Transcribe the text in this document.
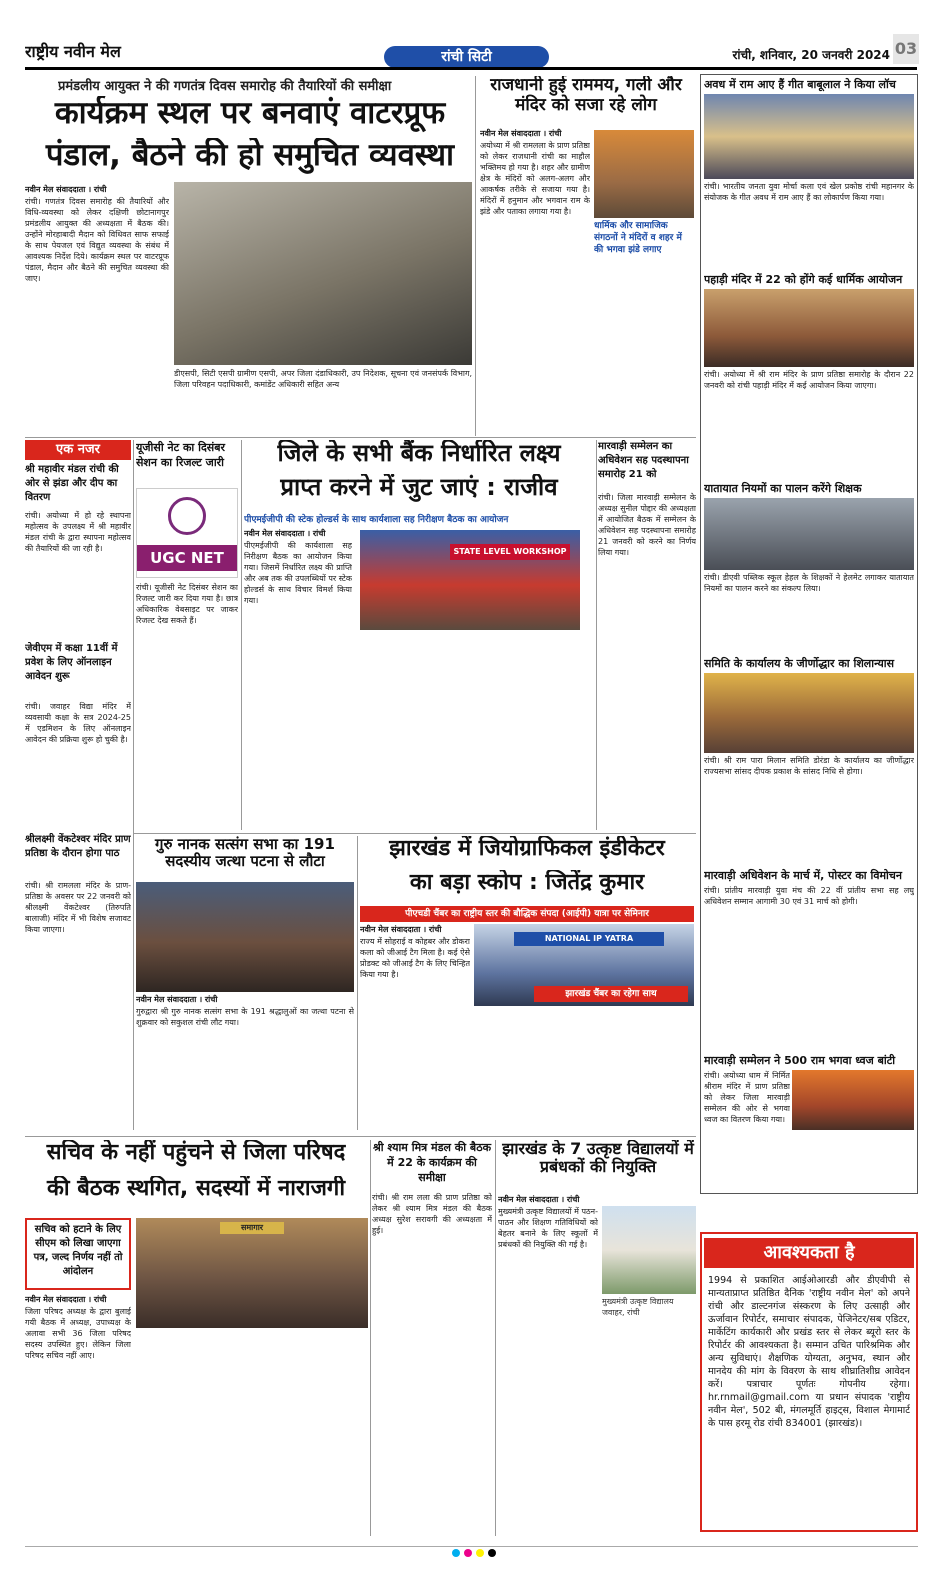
राष्ट्रीय नवीन मेल	रांची सिटी	रांची, शनिवार, 20 जनवरी 2024 03
प्रमंडलीय आयुक्त ने की गणतंत्र दिवस समारोह की तैयारियों की समीक्षा
कार्यक्रम स्थल पर बनवाएं वाटरप्रूफ
पंडाल, बैठने की हो समुचित व्यवस्था
नवीन मेल संवाददाता । रांची
रांची। गणतंत्र दिवस समारोह की तैयारियों और विधि-व्यवस्था को लेकर दक्षिणी छोटानागपुर प्रमंडलीय आयुक्त की अध्यक्षता में बैठक की। उन्होंने मोरहाबादी मैदान को विधिवत साफ सफाई के साथ पेयजल एवं विद्युत व्यवस्था के संबंध में आवश्यक निर्देश दिये। कार्यक्रम स्थल पर वाटरप्रूफ पंडाल, मैदान और बैठने की समुचित व्यवस्था की जाए।
डीएसपी, सिटी एसपी ग्रामीण एसपी, अपर जिला दंडाधिकारी, उप निदेशक, सूचना एवं जनसंपर्क विभाग, जिला परिवहन पदाधिकारी, कमांडेंट अधिकारी सहित अन्य
राजधानी हुई राममय, गली और मंदिर को सजा रहे लोग
नवीन मेल संवाददाता । रांची
अयोध्या में श्री रामलला के प्राण प्रतिष्ठा को लेकर राजधानी रांची का माहौल भक्तिमय हो गया है। शहर और ग्रामीण क्षेत्र के मंदिरों को अलग-अलग और आकर्षक तरीके से सजाया गया है। मंदिरों में हनुमान और भगवान राम के झंडे और पताका लगाया गया है।
धार्मिक और सामाजिक संगठनों ने मंदिरों व शहर में की भगवा झंडे लगाए
अवध में राम आए हैं गीत बाबूलाल ने किया लॉच
रांची। भारतीय जनता युवा मोर्चा कला एवं खेल प्रकोष्ठ रांची महानगर के संयोजक के गीत अवध में राम आए हैं का लोकार्पण किया गया।
पहाड़ी मंदिर में 22 को होंगे कई धार्मिक आयोजन
रांची। अयोध्या में श्री राम मंदिर के प्राण प्रतिष्ठा समारोह के दौरान 22 जनवरी को रांची पहाड़ी मंदिर में कई आयोजन किया जाएगा।
यातायात नियमों का पालन करेंगे शिक्षक
रांची। डीएवी पब्लिक स्कूल हेहल के शिक्षकों ने हेलमेट लगाकर यातायात नियमों का पालन करने का संकल्प लिया।
समिति के कार्यालय के जीर्णोद्धार का शिलान्यास
रांची। श्री राम पारा मिलान समिति डोरंडा के कार्यालय का जीर्णोद्धार राज्यसभा सांसद दीपक प्रकाश के सांसद निधि से होगा।
मारवाड़ी अधिवेशन के मार्च में, पोस्टर का विमोचन
रांची। प्रांतीय मारवाड़ी युवा मंच की 22 वीं प्रांतीय सभा सह लघु अधिवेशन सम्मान आगामी 30 एवं 31 मार्च को होगी।
मारवाड़ी सम्मेलन ने 500 राम भगवा ध्वज बांटी
रांची। अयोध्या धाम में निर्मित श्रीराम मंदिर में प्राण प्रतिष्ठा को लेकर जिला मारवाड़ी सम्मेलन की ओर से भगवा ध्वज का वितरण किया गया।
एक नजर
श्री महावीर मंडल रांची की ओर से झंडा और दीप का वितरण
रांची। अयोध्या में हो रहे स्थापना महोत्सव के उपलक्ष्य में श्री महावीर मंडल रांची के द्वारा स्थापना महोत्सव की तैयारियों की जा रही है।
जेवीएम में कक्षा 11वीं में प्रवेश के लिए ऑनलाइन आवेदन शुरू
रांची। जवाहर विद्या मंदिर में व्यवसायी कक्षा के सत्र 2024-25 में एडमिशन के लिए ऑनलाइन आवेदन की प्रक्रिया शुरू हो चुकी है।
श्रीलक्ष्मी वेंकटेश्वर मंदिर प्राण प्रतिष्ठा के दौरान होगा पाठ
रांची। श्री रामलला मंदिर के प्राण-प्रतिष्ठा के अवसर पर 22 जनवरी को श्रीलक्ष्मी वेंकटेश्वर (तिरुपति बालाजी) मंदिर में भी विशेष सजावट किया जाएगा।
यूजीसी नेट का दिसंबर सेशन का रिजल्ट जारी
UGC NET
रांची। यूजीसी नेट दिसंबर सेशन का रिजल्ट जारी कर दिया गया है। छात्र अधिकारिक वेबसाइट पर जाकर रिजल्ट देख सकते हैं।
जिले के सभी बैंक निर्धारित लक्ष्य
प्राप्त करने में जुट जाएं : राजीव
पीएमईजीपी की स्टेक होल्डर्स के साथ कार्यशाला सह निरीक्षण बैठक का आयोजन
नवीन मेल संवाददाता । रांची
पीएमईजीपी की कार्यशाला सह निरीक्षण बैठक का आयोजन किया गया। जिसमें निर्धारित लक्ष्य की प्राप्ति और अब तक की उपलब्धियों पर स्टेक होल्डर्स के साथ विचार विमर्श किया गया।
STATE LEVEL WORKSHOP
मारवाड़ी सम्मेलन का अधिवेशन सह पदस्थापना समारोह 21 को
रांची। जिला मारवाड़ी सम्मेलन के अध्यक्ष सुनील पोद्दार की अध्यक्षता में आयोजित बैठक में सम्मेलन के अधिवेशन सह पदस्थापना समारोह 21 जनवरी को करने का निर्णय लिया गया।
गुरु नानक सत्संग सभा का 191 सदस्यीय जत्था पटना से लौटा
नवीन मेल संवाददाता । रांची
गुरुद्वारा श्री गुरु नानक सत्संग सभा के 191 श्रद्धालुओं का जत्था पटना से शुक्रवार को सकुशल रांची लौट गया।
झारखंड में जियोग्राफिकल इंडीकेटर
का बड़ा स्कोप : जितेंद्र कुमार
पीएचडी चैंबर का राष्ट्रीय स्तर की बौद्धिक संपदा (आईपी) यात्रा पर सेमिनार
नवीन मेल संवाददाता । रांची
राज्य में सोहराई व कोहबर और डोकरा कला को जीआई टैग मिला है। कई ऐसे प्रोडक्ट को जीआई टैग के लिए चिन्हित किया गया है।
NATIONAL IP YATRA
झारखंड चैंबर का रहेगा साथ
सचिव के नहीं पहुंचने से जिला परिषद
की बैठक स्थगित, सदस्यों में नाराजगी
सचिव को हटाने के लिए सीएम को लिखा जाएगा पत्र, जल्द निर्णय नहीं तो आंदोलन
नवीन मेल संवाददाता । रांची
जिला परिषद अध्यक्ष के द्वारा बुलाई गयी बैठक में अध्यक्ष, उपाध्यक्ष के अलावा सभी 36 जिला परिषद सदस्य उपस्थित हुए। लेकिन जिला परिषद सचिव नहीं आए।
समागार
श्री श्याम मित्र मंडल की बैठक में 22 के कार्यक्रम की समीक्षा
रांची। श्री राम लला की प्राण प्रतिष्ठा को लेकर श्री श्याम मित्र मंडल की बैठक अध्यक्ष सुरेश सरावगी की अध्यक्षता में हुई।
झारखंड के 7 उत्कृष्ट विद्यालयों में प्रबंधकों की नियुक्ति
नवीन मेल संवाददाता । रांची
मुख्यमंत्री उत्कृष्ट विद्यालयों में पठन-पाठन और शिक्षण गतिविधियों को बेहतर बनाने के लिए स्कूलों में प्रबंधकों की नियुक्ति की गई है।
मुख्यमंत्री उत्कृष्ट विद्यालय जवाहर, रांची
आवश्यकता है
1994 से प्रकाशित आईओआरडी और डीएवीपी से मान्यताप्राप्त प्रतिष्ठित दैनिक 'राष्ट्रीय नवीन मेल' को अपने रांची और डाल्टनगंज संस्करण के लिए उत्साही और ऊर्जावान रिपोर्टर, समाचार संपादक, पेजिनेटर/सब एडिटर, मार्केटिंग कार्यकारी और प्रखंड स्तर से लेकर ब्यूरो स्तर के रिपोर्टर की आवश्यकता है। सम्मान उचित पारिश्रमिक और अन्य सुविधाएं। शैक्षणिक योग्यता, अनुभव, स्थान और मानदेय की मांग के विवरण के साथ शीघ्रातिशीघ्र आवेदन करें। पत्राचार पूर्णतः गोपनीय रहेगा। hr.rnmail@gmail.com या प्रधान संपादक 'राष्ट्रीय नवीन मेल', 502 बी, मंगलमूर्ति हाइट्स, विशाल मेगामार्ट के पास हरमू रोड रांची 834001 (झारखंड)।
